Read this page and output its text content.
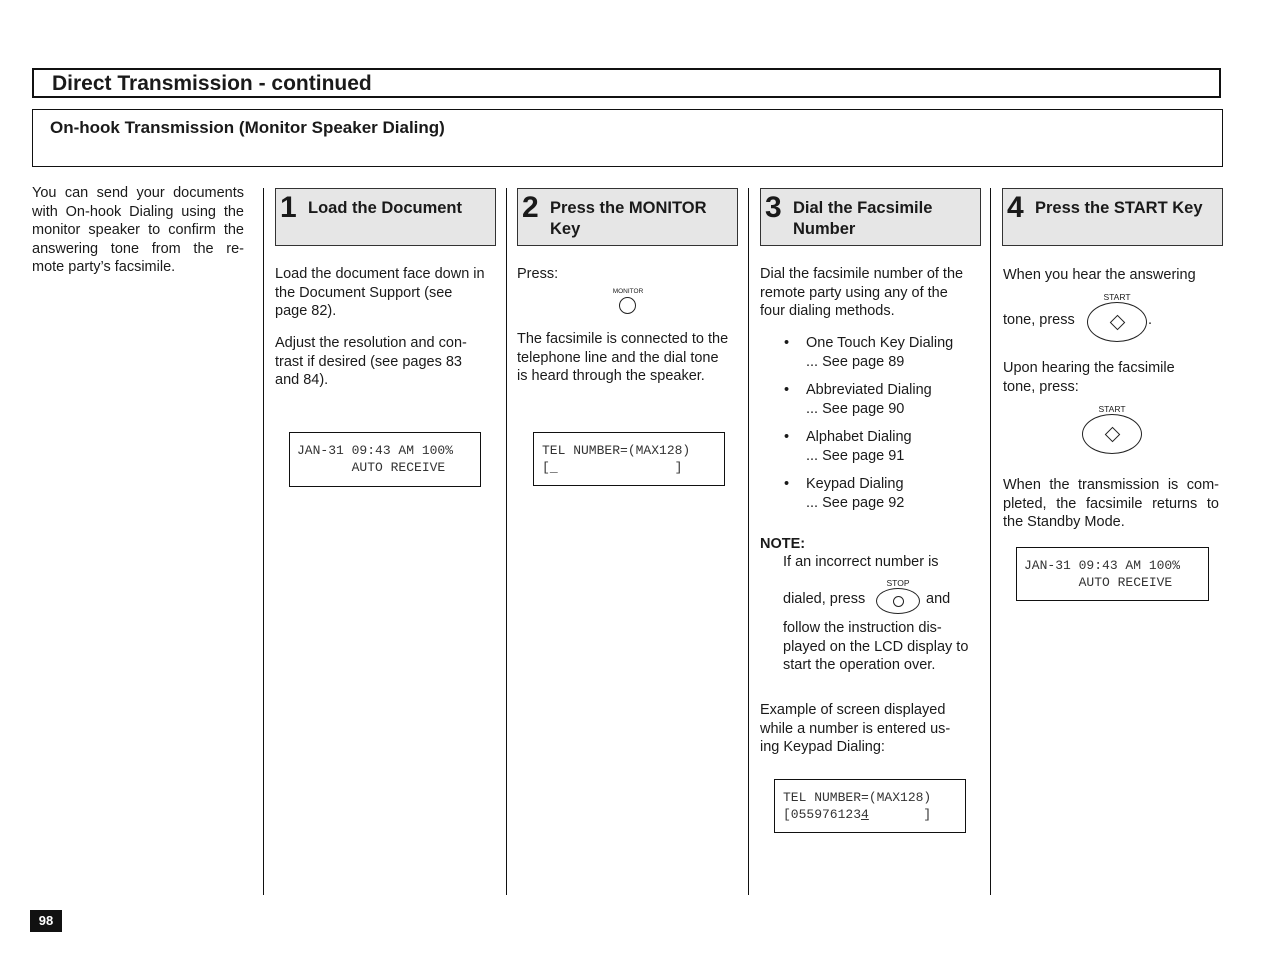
Direct Transmission - continued
On-hook Transmission (Monitor Speaker Dialing)
You can send your documents with On-hook Dialing using the monitor speaker to confirm the answering tone from the re- mote party’s facsimile.
1 Load the Document
Load the document face down in the Document Support (see page 82).
Adjust the resolution and con- trast if desired (see pages 83 and 84).
JAN-31 09:43 AM 100%
AUTO RECEIVE
2 Press the MONITOR Key
Press:
MONITOR
The facsimile is connected to the telephone line and the dial tone is heard through the speaker.
TEL NUMBER=(MAX128)
[_               ]
3 Dial the Facsimile Number
Dial the facsimile number of the remote party using any of the four dialing methods.
• One Touch Key Dialing
... See page 89
• Abbreviated Dialing
... See page 90
• Alphabet Dialing
... See page 91
• Keypad Dialing
... See page 92
NOTE:
If an incorrect number is
STOP
dialed, press	and
follow the instruction dis- played on the LCD display to start the operation over.
Example of screen displayed while a number is entered us- ing Keypad Dialing:
TEL NUMBER=(MAX128)
[0559761234       ]
4 Press the START Key
When you hear the answering
START
tone, press	.
Upon hearing the facsimile tone, press:
START
When the transmission is com- pleted, the facsimile returns to the Standby Mode.
JAN-31 09:43 AM 100%
AUTO RECEIVE
98
